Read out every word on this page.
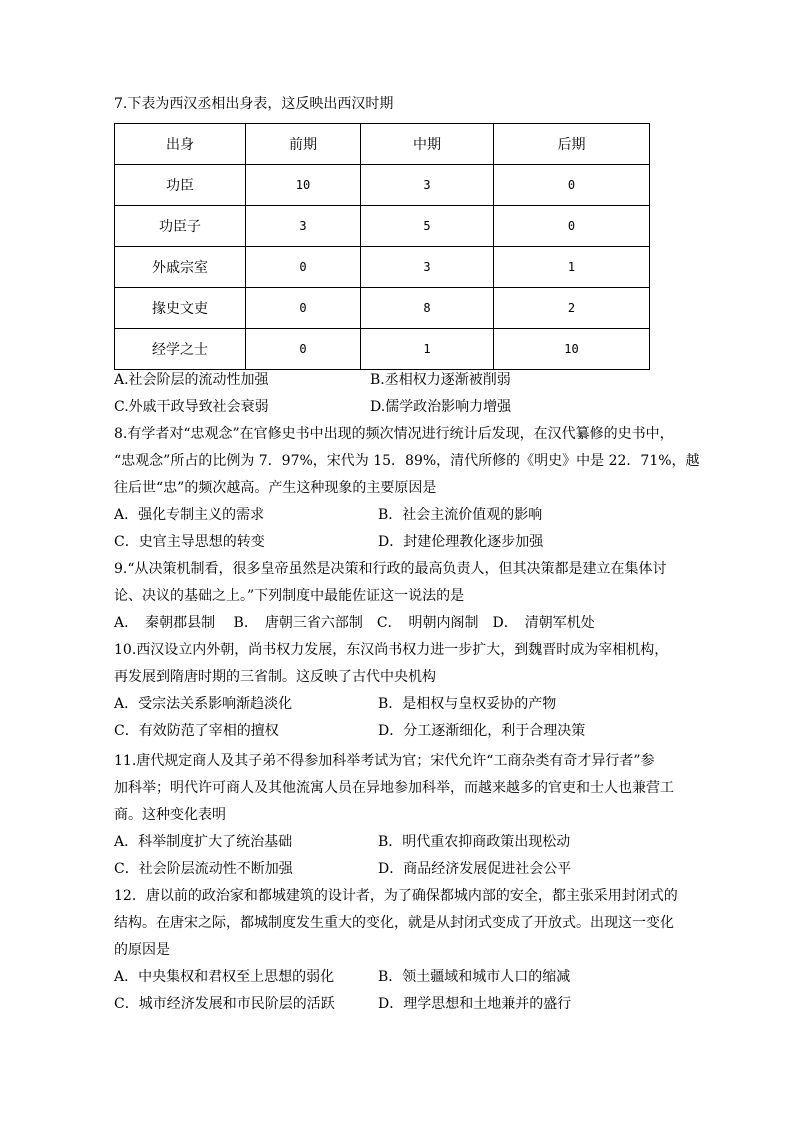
7.下表为西汉丞相出身表，这反映出西汉时期
出身	前期	中期	后期
功臣	10	3	0
功臣子	3	5	0
外戚宗室	0	3	1
掾史文吏	0	8	2
经学之士	0	1	10
A.社会阶层的流动性加强	B.丞相权力逐渐被削弱
C.外戚干政导致社会衰弱	D.儒学政治影响力增强
8.有学者对“忠观念”在官修史书中出现的频次情况进行统计后发现，在汉代纂修的史书中，
“忠观念”所占的比例为 7．97%，宋代为 15．89%，清代所修的《明史》中是 22．71%，越
往后世“忠”的频次越高。产生这种现象的主要原因是
A．强化专制主义的需求	B．社会主流价值观的影响
C．史官主导思想的转变	D．封建伦理教化逐步加强
9.“从决策机制看，很多皇帝虽然是决策和行政的最高负责人，但其决策都是建立在集体讨
论、决议的基础之上。”下列制度中最能佐证这一说法的是
A．　秦朝郡县制　 B．　唐朝三省六部制　C．　明朝内阁制　D．　清朝军机处
10.西汉设立内外朝，尚书权力发展，东汉尚书权力进一步扩大，到魏晋时成为宰相机构，
再发展到隋唐时期的三省制。这反映了古代中央机构
A．受宗法关系影响渐趋淡化	B．是相权与皇权妥协的产物
C．有效防范了宰相的擅权	D．分工逐渐细化，利于合理决策
11.唐代规定商人及其子弟不得参加科举考试为官；宋代允许“工商杂类有奇才异行者”参
加科举；明代许可商人及其他流寓人员在异地参加科举，而越来越多的官吏和士人也兼营工
商。这种变化表明
A．科举制度扩大了统治基础	B．明代重农抑商政策出现松动
C．社会阶层流动性不断加强	D．商品经济发展促进社会公平
12．唐以前的政治家和都城建筑的设计者，为了确保都城内部的安全，都主张采用封闭式的
结构。在唐宋之际，都城制度发生重大的变化，就是从封闭式变成了开放式。出现这一变化
的原因是
A．中央集权和君权至上思想的弱化	B．领土疆域和城市人口的缩减
C．城市经济发展和市民阶层的活跃	D．理学思想和土地兼并的盛行
